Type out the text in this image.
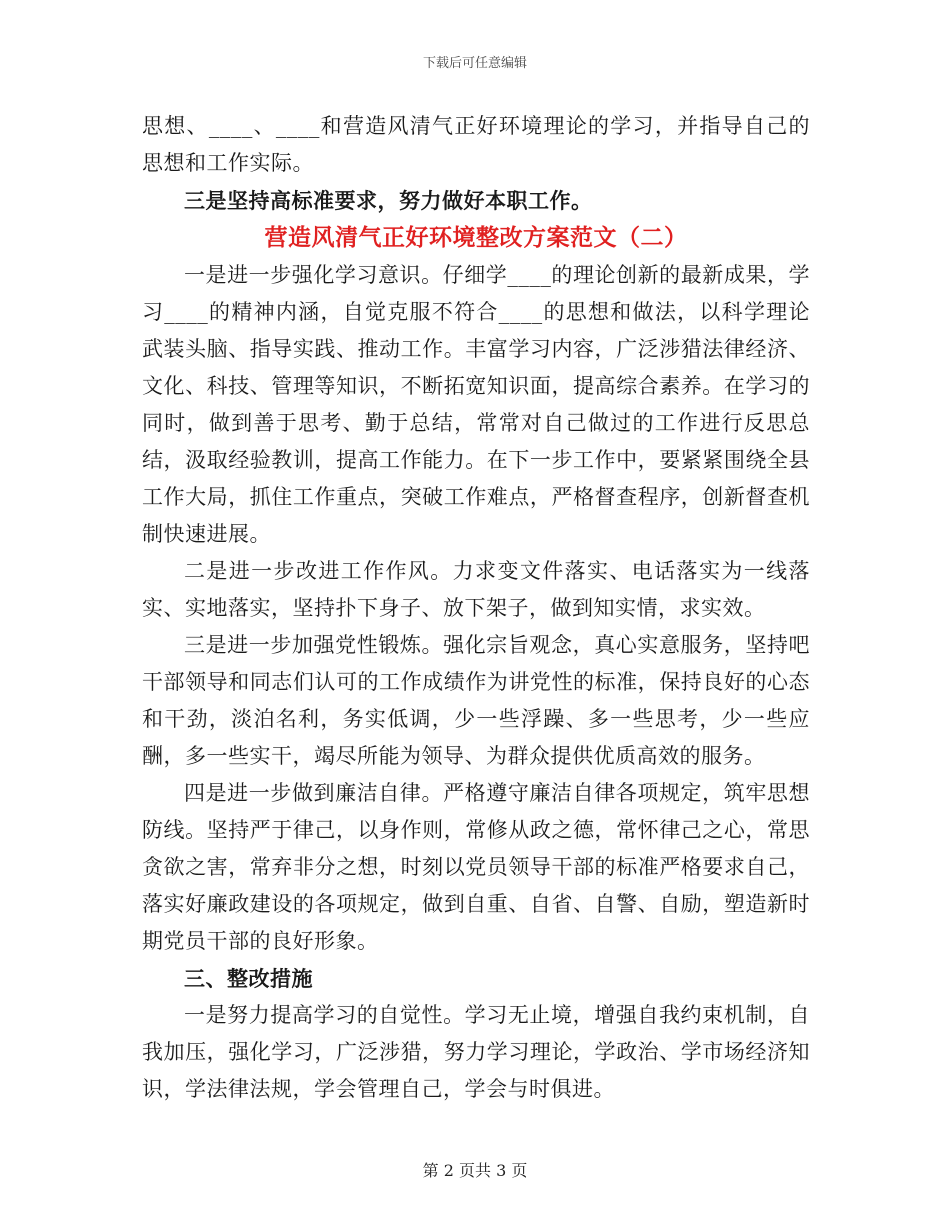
下载后可任意编辑

思想、____、____和营造风清气正好环境理论的学习，并指导自己的思想和工作实际。

三是坚持高标准要求，努力做好本职工作。

营造风清气正好环境整改方案范文（二）

一是进一步强化学习意识。仔细学____的理论创新的最新成果，学习____的精神内涵，自觉克服不符合____的思想和做法，以科学理论武装头脑、指导实践、推动工作。丰富学习内容，广泛涉猎法律经济、文化、科技、管理等知识，不断拓宽知识面，提高综合素养。在学习的同时，做到善于思考、勤于总结，常常对自己做过的工作进行反思总结，汲取经验教训，提高工作能力。在下一步工作中，要紧紧围绕全县工作大局，抓住工作重点，突破工作难点，严格督查程序，创新督查机制快速进展。

二是进一步改进工作作风。力求变文件落实、电话落实为一线落实、实地落实，坚持扑下身子、放下架子，做到知实情，求实效。

三是进一步加强党性锻炼。强化宗旨观念，真心实意服务，坚持吧干部领导和同志们认可的工作成绩作为讲党性的标准，保持良好的心态和干劲，淡泊名利，务实低调，少一些浮躁、多一些思考，少一些应酬，多一些实干，竭尽所能为领导、为群众提供优质高效的服务。

四是进一步做到廉洁自律。严格遵守廉洁自律各项规定，筑牢思想防线。坚持严于律己，以身作则，常修从政之德，常怀律己之心，常思贪欲之害，常弃非分之想，时刻以党员领导干部的标准严格要求自己，落实好廉政建设的各项规定，做到自重、自省、自警、自励，塑造新时期党员干部的良好形象。

三、整改措施

一是努力提高学习的自觉性。学习无止境，增强自我约束机制，自我加压，强化学习，广泛涉猎，努力学习理论，学政治、学市场经济知识，学法律法规，学会管理自己，学会与时俱进。

第 2 页共 3 页
